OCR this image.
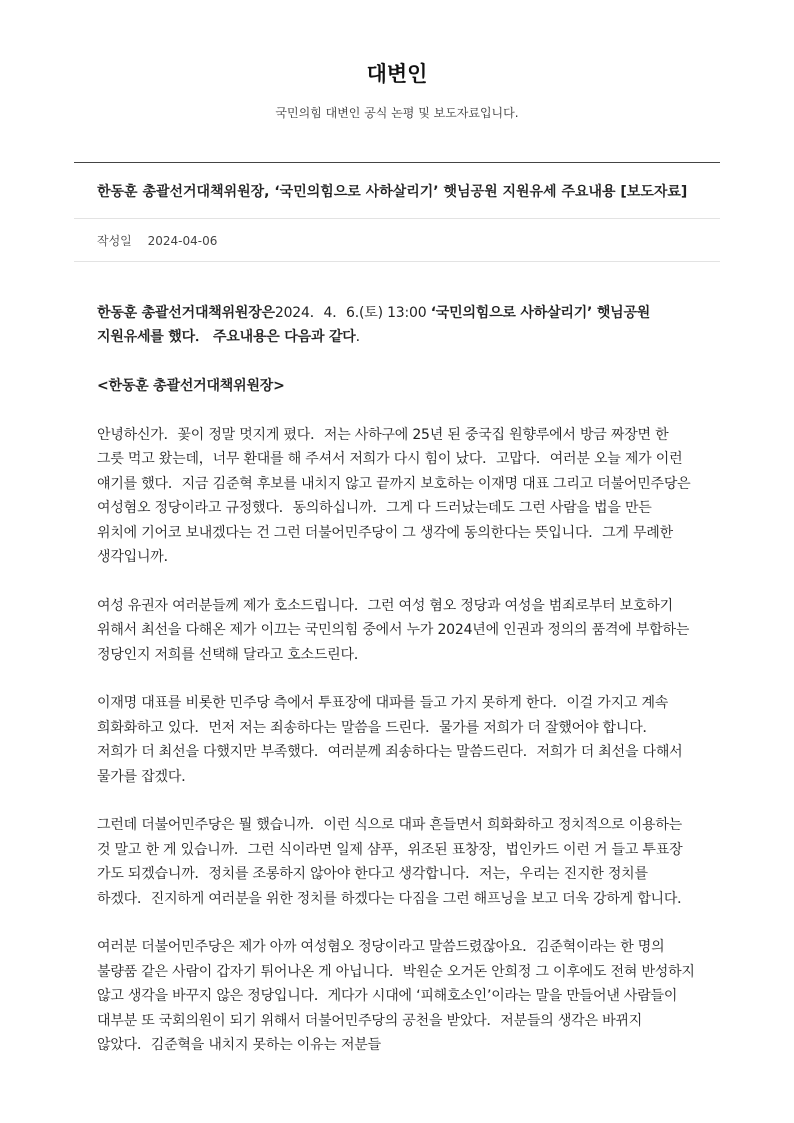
대변인

국민의힘 대변인 공식 논평 및 보도자료입니다.

한동훈 총괄선거대책위원장, ‘국민의힘으로 사하살리기’ 햇님공원 지원유세 주요내용 [보도자료]
작성일 2024-04-06

한동훈 총괄선거대책위원장은2024．4．6.(토) 13:00 ‘국민의힘으로 사하살리기’ 햇님공원 지원유세를 했다． 주요내용은 다음과 같다.

<한동훈 총괄선거대책위원장>

안녕하신가．꽃이 정말 멋지게 폈다．저는 사하구에 25년 된 중국집 원향루에서 방금 짜장면 한 그릇 먹고 왔는데，너무 환대를 해 주셔서 저희가 다시 힘이 났다．고맙다．여러분 오늘 제가 이런 얘기를 했다．지금 김준혁 후보를 내치지 않고 끝까지 보호하는 이재명 대표 그리고 더불어민주당은 여성혐오 정당이라고 규정했다．동의하십니까．그게 다 드러났는데도 그런 사람을 법을 만든 위치에 기어코 보내겠다는 건 그런 더불어민주당이 그 생각에 동의한다는 뜻입니다．그게 무례한 생각입니까．

여성 유권자 여러분들께 제가 호소드립니다．그런 여성 혐오 정당과 여성을 범죄로부터 보호하기 위해서 최선을 다해온 제가 이끄는 국민의힘 중에서 누가 2024년에 인권과 정의의 품격에 부합하는 정당인지 저희를 선택해 달라고 호소드린다．

이재명 대표를 비롯한 민주당 측에서 투표장에 대파를 들고 가지 못하게 한다．이걸 가지고 계속 희화화하고 있다．먼저 저는 죄송하다는 말씀을 드린다．물가를 저희가 더 잘했어야 합니다．저희가 더 최선을 다했지만 부족했다．여러분께 죄송하다는 말씀드린다．저희가 더 최선을 다해서 물가를 잡겠다．

그런데 더불어민주당은 뭘 했습니까．이런 식으로 대파 흔들면서 희화화하고 정치적으로 이용하는 것 말고 한 게 있습니까．그런 식이라면 일제 샴푸，위조된 표창장，법인카드 이런 거 들고 투표장 가도 되겠습니까．정치를 조롱하지 않아야 한다고 생각합니다．저는，우리는 진지한 정치를 하겠다．진지하게 여러분을 위한 정치를 하겠다는 다짐을 그런 해프닝을 보고 더욱 강하게 합니다．

여러분 더불어민주당은 제가 아까 여성혐오 정당이라고 말씀드렸잖아요．김준혁이라는 한 명의 불량품 같은 사람이 갑자기 튀어나온 게 아닙니다．박원순 오거돈 안희정 그 이후에도 전혀 반성하지 않고 생각을 바꾸지 않은 정당입니다．게다가 시대에 ‘피해호소인’이라는 말을 만들어낸 사람들이 대부분 또 국회의원이 되기 위해서 더불어민주당의 공천을 받았다．저분들의 생각은 바뀌지 않았다．김준혁을 내치지 못하는 이유는 저분들
